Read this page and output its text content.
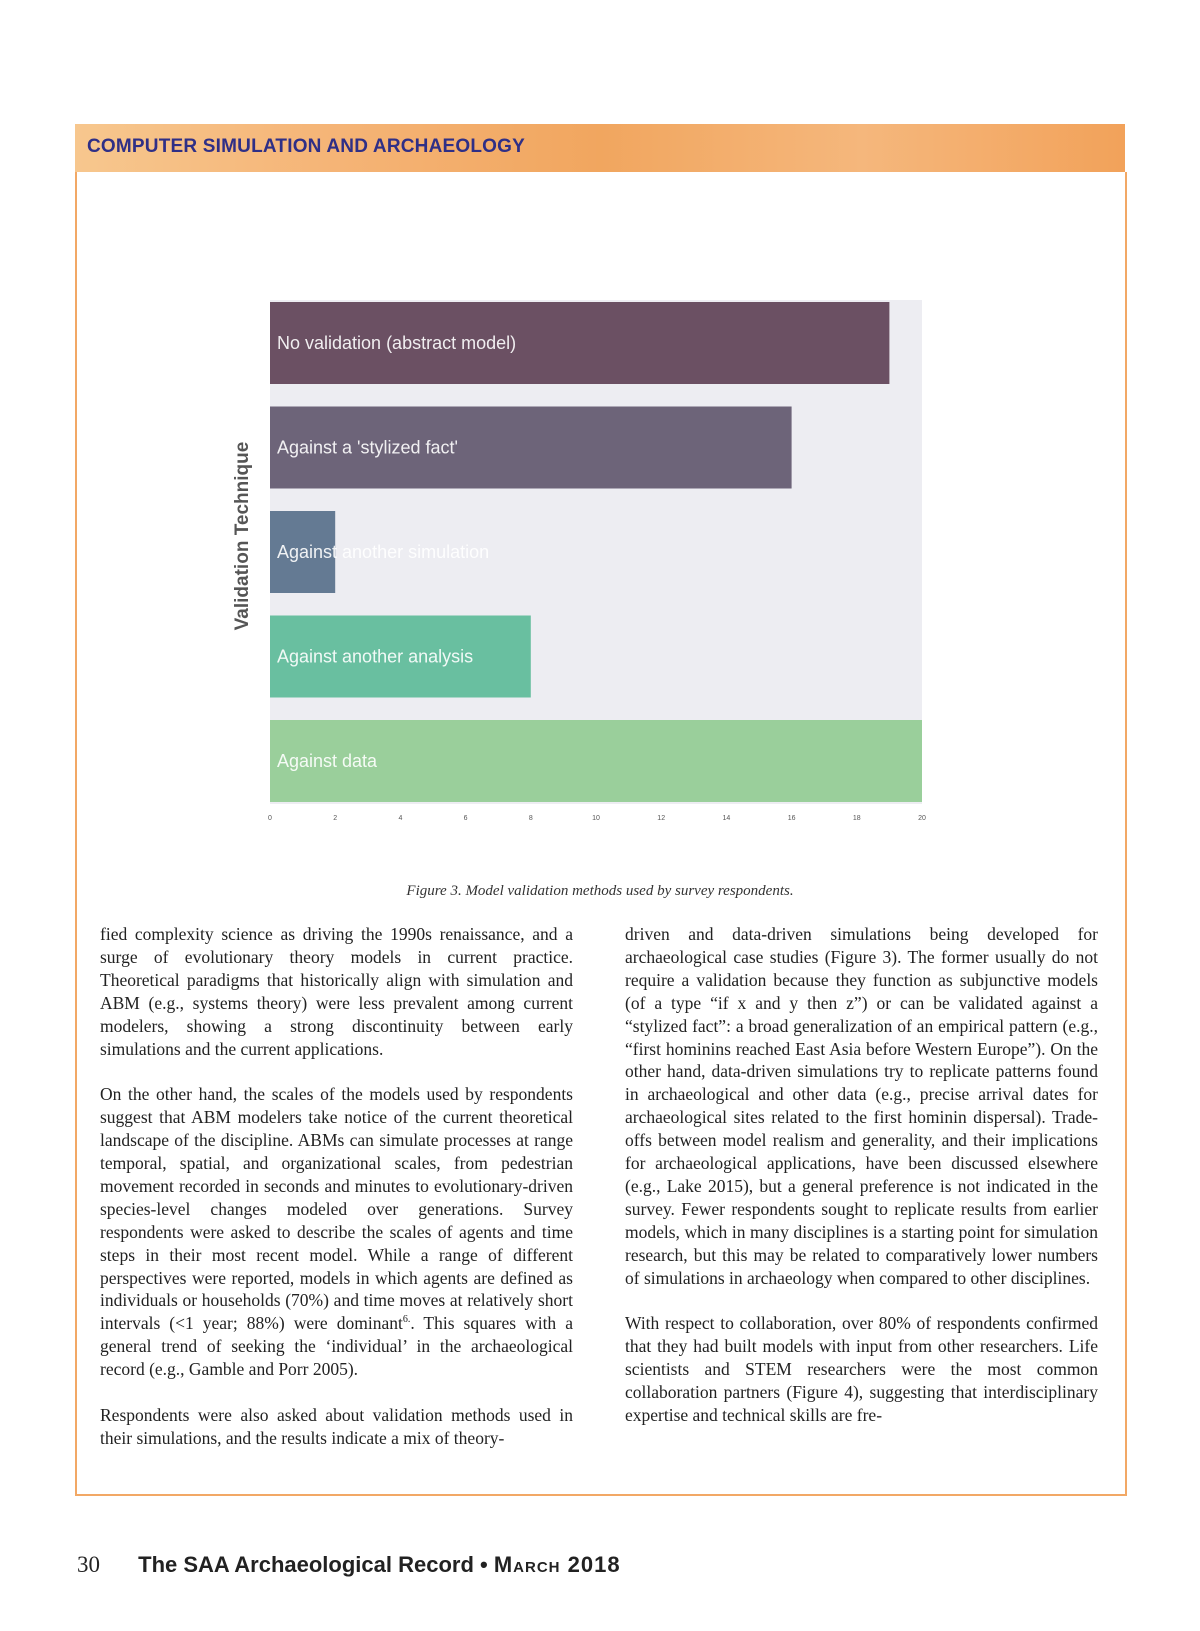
COMPUTER SIMULATION AND ARCHAEOLOGY
No validation (abstract model)
Against a 'stylized fact'
Against another simulation
Against another analysis
Against data
0	2	4	6	8	10	12	14	16	18	20
Validation Technique
Figure 3. Model validation methods used by survey respondents.

fied complexity science as driving the 1990s renaissance, and a surge of evolutionary theory models in current practice. Theoretical paradigms that historically align with simulation and ABM (e.g., systems theory) were less prevalent among current modelers, showing a strong discontinuity between early simulations and the current applications.

On the other hand, the scales of the models used by respondents suggest that ABM modelers take notice of the current theoretical landscape of the discipline. ABMs can simulate processes at range temporal, spatial, and organizational scales, from pedestrian movement recorded in seconds and minutes to evolutionary-driven species-level changes modeled over generations. Survey respondents were asked to describe the scales of agents and time steps in their most recent model. While a range of different perspectives were reported, models in which agents are defined as individuals or households (70%) and time moves at relatively short intervals (<1 year; 88%) were dominant$^{6.}$. This squares with a general trend of seeking the ‘individual’ in the archaeological record (e.g., Gamble and Porr 2005).

Respondents were also asked about validation methods used in their simulations, and the results indicate a mix of theory-

driven and data-driven simulations being developed for archaeological case studies (Figure 3). The former usually do not require a validation because they function as subjunctive models (of a type “if x and y then z”) or can be validated against a “stylized fact”: a broad generalization of an empirical pattern (e.g., “first hominins reached East Asia before Western Europe”). On the other hand, data-driven simulations try to replicate patterns found in archaeological and other data (e.g., precise arrival dates for archaeological sites related to the first hominin dispersal). Trade-offs between model realism and generality, and their implications for archaeological applications, have been discussed elsewhere (e.g., Lake 2015), but a general preference is not indicated in the survey. Fewer respondents sought to replicate results from earlier models, which in many disciplines is a starting point for simulation research, but this may be related to comparatively lower numbers of simulations in archaeology when compared to other disciplines.

With respect to collaboration, over 80% of respondents confirmed that they had built models with input from other researchers. Life scientists and STEM researchers were the most common collaboration partners (Figure 4), suggesting that interdisciplinary expertise and technical skills are fre-

30 The SAA Archaeological Record • March 2018
